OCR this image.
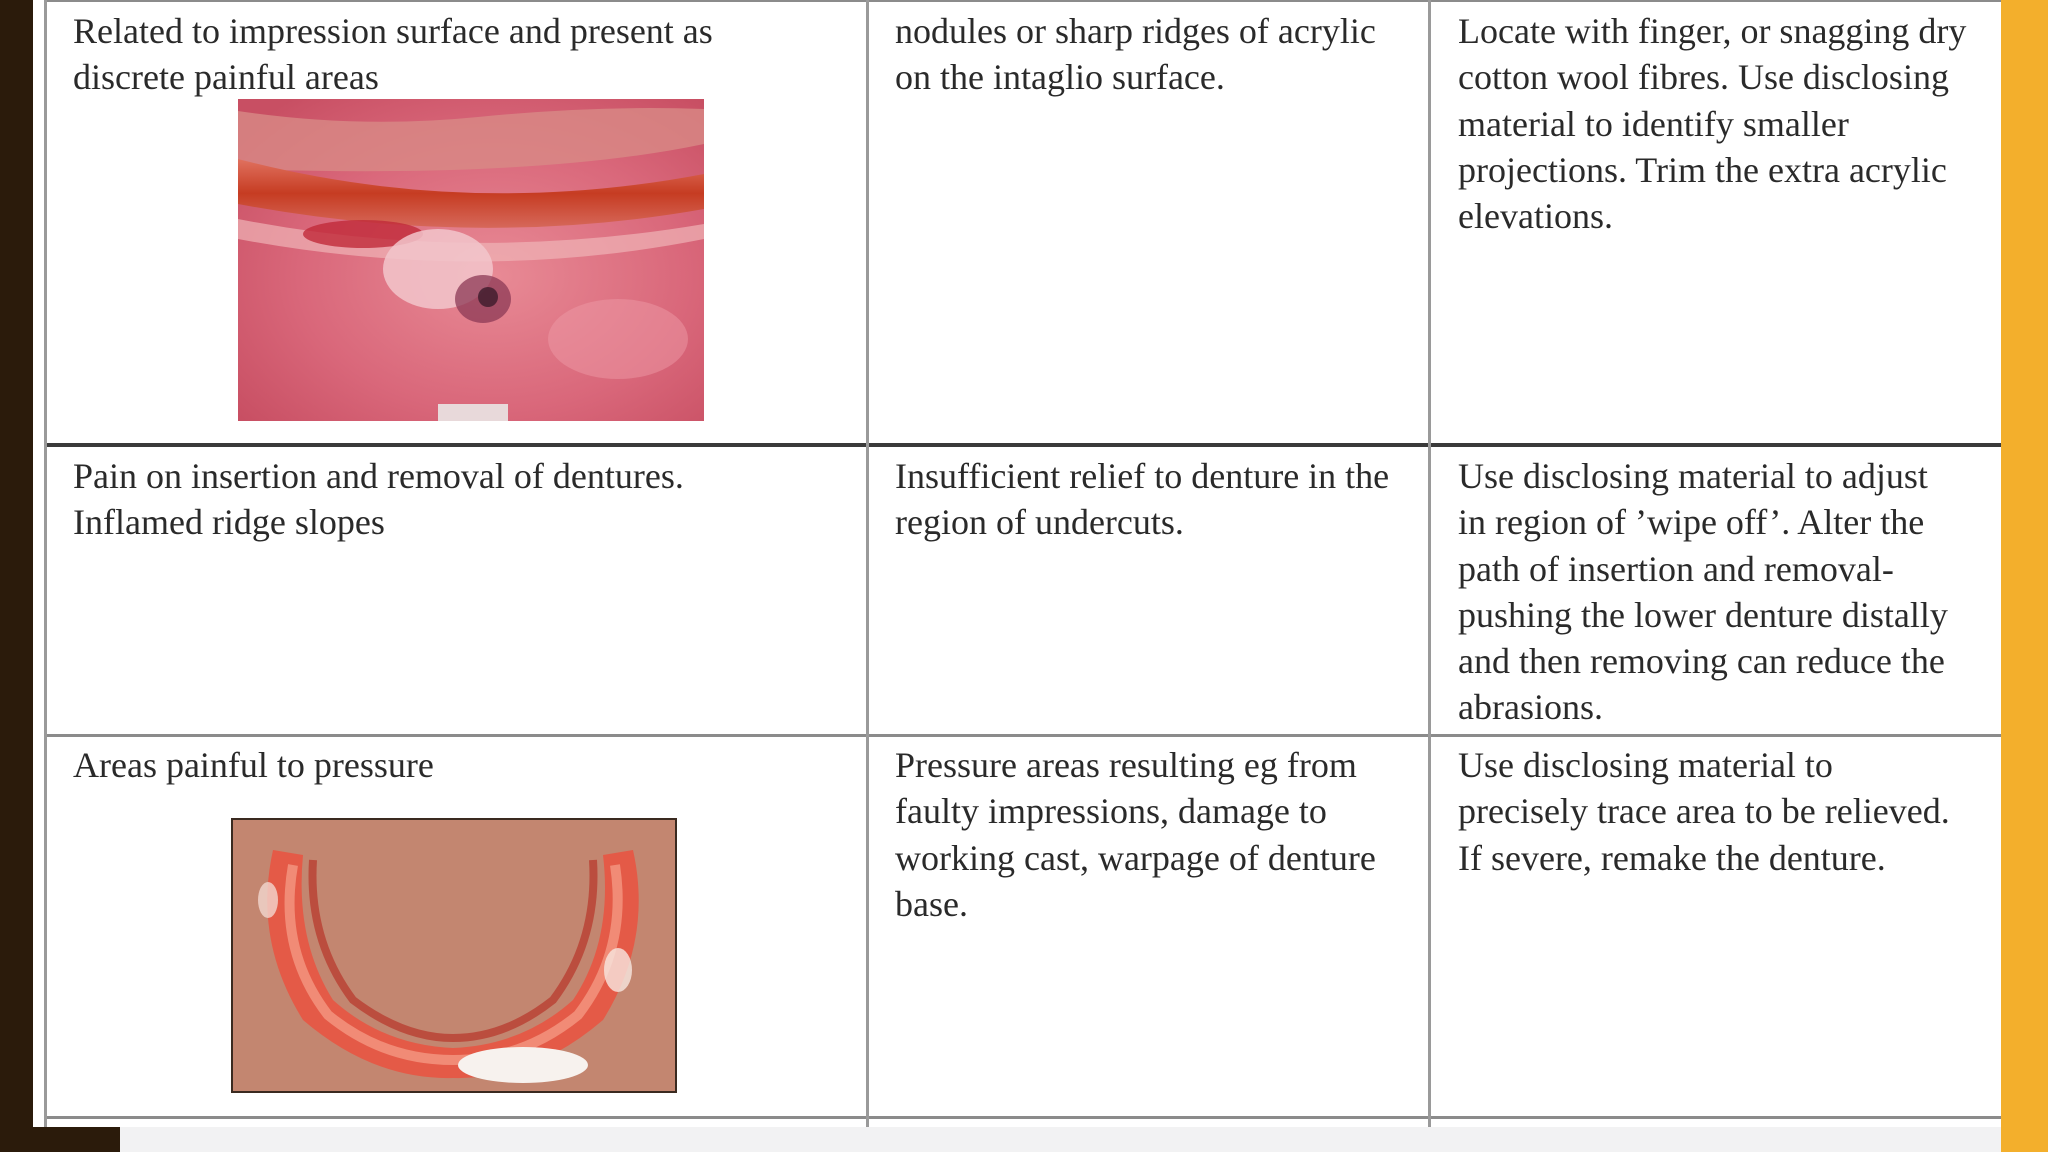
Related to impression surface and present as
discrete painful areas
nodules or sharp ridges of acrylic
on the intaglio surface.
Locate with finger, or snagging dry
cotton wool fibres. Use disclosing
material to identify smaller
projections. Trim the extra acrylic
elevations.
Pain on insertion and removal of dentures.
Inflamed ridge slopes
Insufficient relief to denture in the
region of undercuts.
Use disclosing material to adjust
in region of ’wipe off’. Alter the
path of insertion and removal-
pushing the lower denture distally
and then removing can reduce the
abrasions.
Areas painful to pressure	Pressure areas resulting eg from
faulty impressions, damage to
working cast, warpage of denture
base.
Use disclosing material to
precisely trace area to be relieved.
If severe, remake the denture.
